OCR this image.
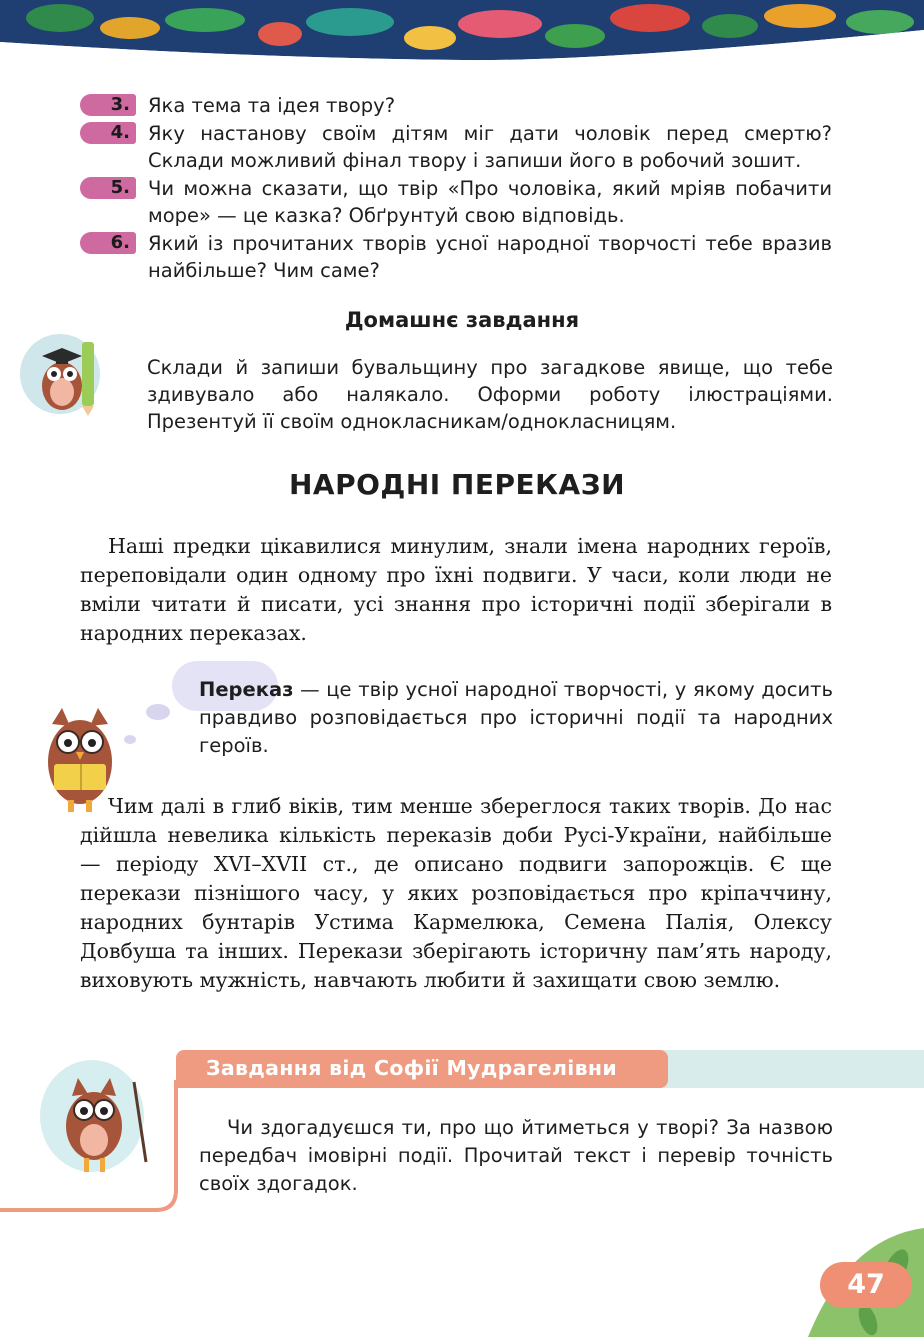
3. Яка тема та ідея твору?
4. Яку настанову своїм дітям міг дати чоловік перед смертю? Склади можливий фінал твору і запиши його в робочий зошит.
5. Чи можна сказати, що твір «Про чоловіка, який мріяв побачити море» — це казка? Обґрунтуй свою відповідь.
6. Який із прочитаних творів усної народної творчості тебе вразив найбільше? Чим саме?
Домашнє завдання
Склади й запиши бувальщину про загадкове явище, що тебе здивувало або налякало. Оформи роботу ілюстраціями. Презентуй її своїм однокласникам/однокласницям.
НАРОДНІ ПЕРЕКАЗИ
Наші предки цікавилися минулим, знали імена народних героїв, переповідали один одному про їхні подвиги. У часи, коли люди не вміли читати й писати, усі знання про історичні події зберігали в народних переказах.
Переказ — це твір усної народної творчості, у якому досить правдиво розповідається про історичні події та народних героїв.
Чим далі в глиб віків, тим менше збереглося таких творів. До нас дійшла невелика кількість переказів доби Русі-України, найбільше — періоду XVI–XVII ст., де описано подвиги запорожців. Є ще перекази пізнішого часу, у яких розповідається про кріпаччину, народних бунтарів Устима Кармелюка, Семена Палія, Олексу Довбуша та інших. Перекази зберігають історичну пам’ять народу, виховують мужність, навчають любити й захищати свою землю.
Завдання від Софії Мудрагелівни
Чи здогадуєшся ти, про що йтиметься у творі? За назвою передбач імовірні події. Прочитай текст і перевір точність своїх здогадок.
47
